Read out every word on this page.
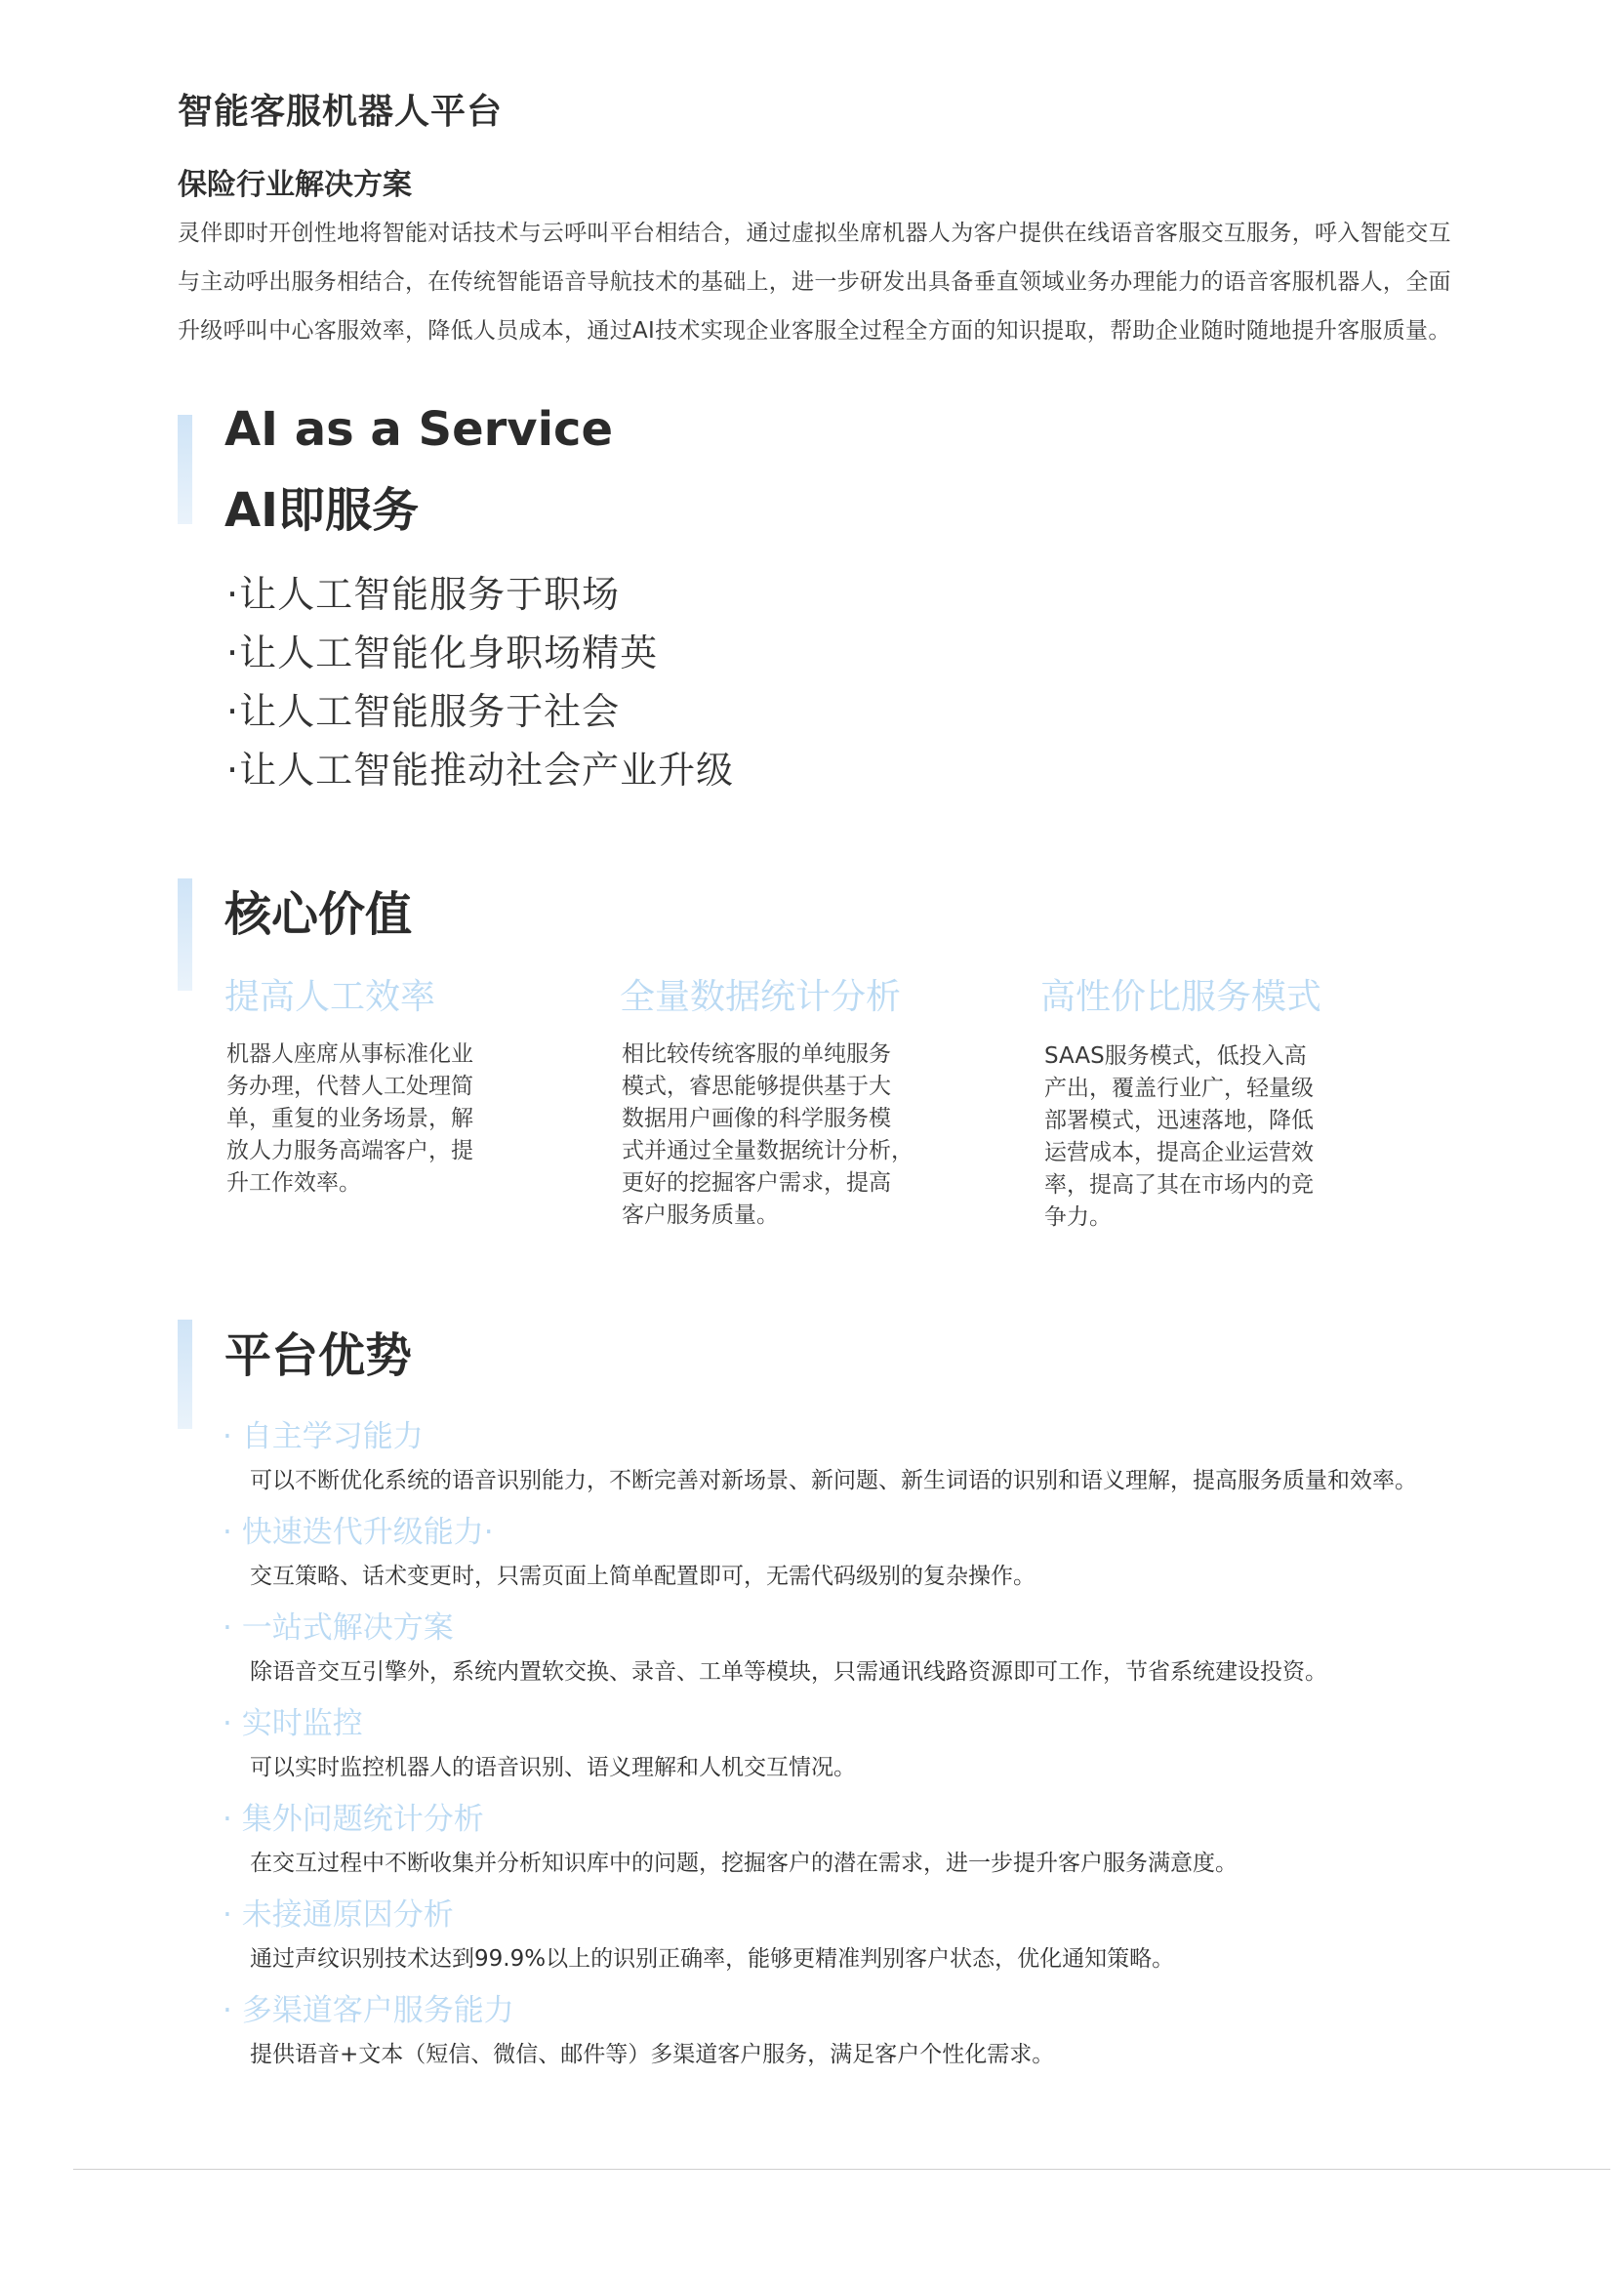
智能客服机器人平台
保险行业解决方案
灵伴即时开创性地将智能对话技术与云呼叫平台相结合，通过虚拟坐席机器人为客户提供在线语音客服交互服务，呼入智能交互
与主动呼出服务相结合，在传统智能语音导航技术的基础上，进一步研发出具备垂直领域业务办理能力的语音客服机器人，全面
升级呼叫中心客服效率，降低人员成本，通过AI技术实现企业客服全过程全方面的知识提取，帮助企业随时随地提升客服质量。
AI as a Service
AI即服务
·让人工智能服务于职场
·让人工智能化身职场精英
·让人工智能服务于社会
·让人工智能推动社会产业升级
核心价值
提高人工效率	全量数据统计分析	高性价比服务模式
机器人座席从事标准化业
务办理，代替人工处理简
单，重复的业务场景，解
放人力服务高端客户，提
升工作效率。
相比较传统客服的单纯服务
模式，睿思能够提供基于大
数据用户画像的科学服务模
式并通过全量数据统计分析，
更好的挖掘客户需求，提高
客户服务质量。
SAAS服务模式，低投入高
产出，覆盖行业广，轻量级
部署模式，迅速落地，降低
运营成本，提高企业运营效
率，提高了其在市场内的竞
争力。
平台优势
· 自主学习能力
可以不断优化系统的语音识别能力，不断完善对新场景、新问题、新生词语的识别和语义理解，提高服务质量和效率。
· 快速迭代升级能力·
交互策略、话术变更时，只需页面上简单配置即可，无需代码级别的复杂操作。
· 一站式解决方案
除语音交互引擎外，系统内置软交换、录音、工单等模块，只需通讯线路资源即可工作，节省系统建设投资。
· 实时监控
可以实时监控机器人的语音识别、语义理解和人机交互情况。
· 集外问题统计分析
在交互过程中不断收集并分析知识库中的问题，挖掘客户的潜在需求，进一步提升客户服务满意度。
· 未接通原因分析
通过声纹识别技术达到99.9%以上的识别正确率，能够更精准判别客户状态，优化通知策略。
· 多渠道客户服务能力
提供语音+文本（短信、微信、邮件等）多渠道客户服务，满足客户个性化需求。
